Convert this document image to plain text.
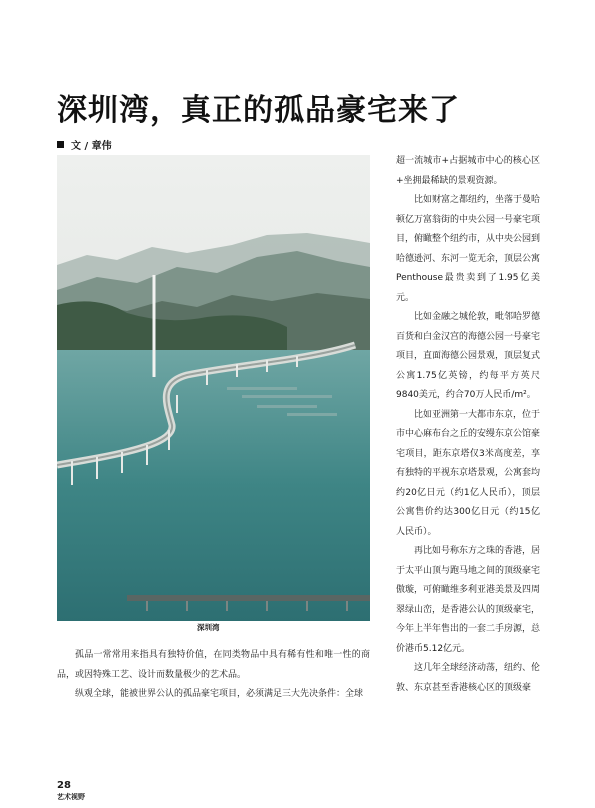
深圳湾，真正的孤品豪宅来了
文 / 章伟
深圳湾

孤品一常常用来指具有独特价值，在同类物品中具有稀有性和唯一性的商品，或因特殊工艺、设计而数量极少的艺术品。

纵观全球，能被世界公认的孤品豪宅项目，必须满足三大先决条件：全球

超一流城市+占据城市中心的核心区+坐拥最稀缺的景观资源。

比如财富之都纽约，坐落于曼哈顿亿万富翁街的中央公园一号豪宅项目，俯瞰整个纽约市，从中央公园到哈德逊河、东河一览无余，顶层公寓Penthouse最贵卖到了1.95亿美元。

比如金融之城伦敦，毗邻哈罗德百货和白金汉宫的海德公园一号豪宅项目，直面海德公园景观，顶层复式公寓1.75亿英镑，约每平方英尺9840美元，约合70万人民币/m²。

比如亚洲第一大都市东京，位于市中心麻布台之丘的安缦东京公馆豪宅项目，距东京塔仅3米高度差，享有独特的平视东京塔景观，公寓套均约20亿日元（约1亿人民币），顶层公寓售价约达300亿日元（约15亿人民币）。

再比如号称东方之珠的香港，居于太平山顶与跑马地之间的顶级豪宅傲璇，可俯瞰维多利亚港美景及四周翠绿山峦，是香港公认的顶级豪宅，今年上半年售出的一套二手房源，总价港币5.12亿元。

这几年全球经济动荡，纽约、伦敦、东京甚至香港核心区的顶级豪

28
艺术视野
